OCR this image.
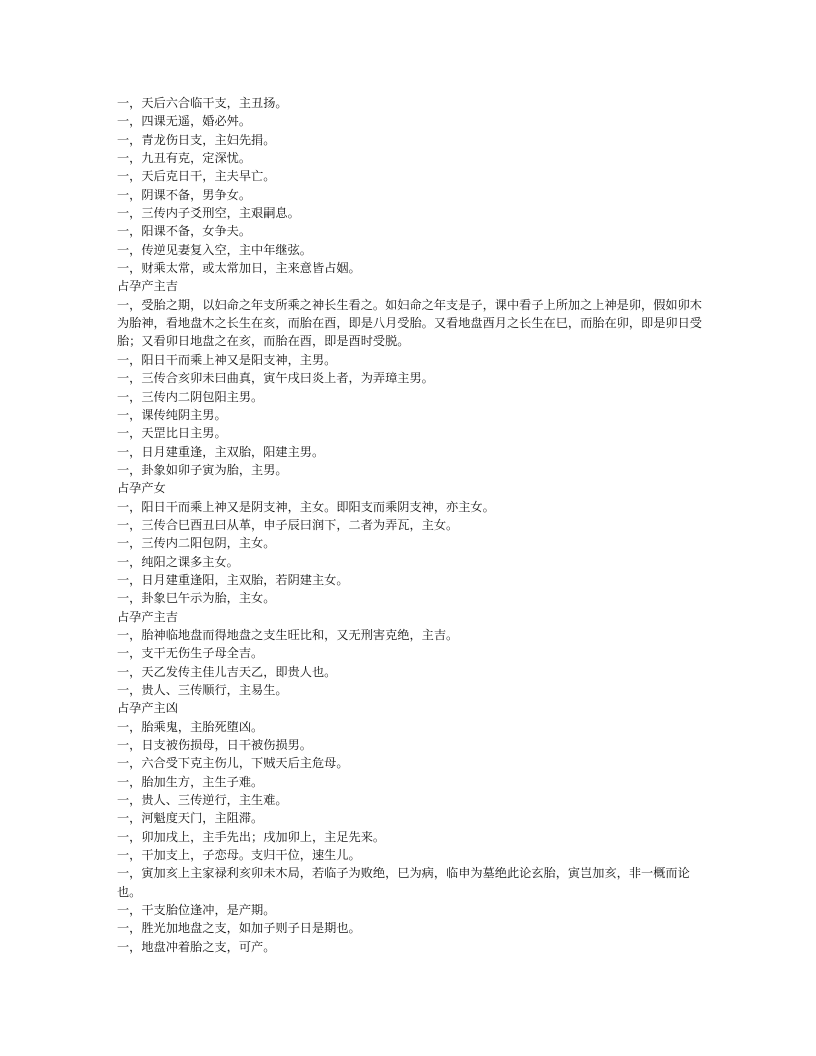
一，天后六合临干支，主丑扬。

一，四课无遥，婚必舛。

一，青龙伤日支，主妇先捐。

一，九丑有克，定深忧。

一，天后克日干，主夫早亡。

一，阴课不备，男争女。

一，三传内子爻刑空，主艰嗣息。

一，阳课不备，女争夫。

一，传逆见妻复入空，主中年继弦。

一，财乘太常，或太常加日，主来意皆占姻。

占孕产主吉

一，受胎之期，以妇命之年支所乘之神长生看之。如妇命之年支是子，课中看子上所加之上神是卯，假如卯木为胎神，看地盘木之长生在亥，而胎在酉，即是八月受胎。又看地盘酉月之长生在巳，而胎在卯，即是卯日受胎；又看卯日地盘之在亥，而胎在酉，即是酉时受脱。

一，阳日干而乘上神又是阳支神，主男。

一，三传合亥卯未曰曲真，寅午戌曰炎上者，为弄璋主男。

一，三传内二阴包阳主男。

一，课传纯阴主男。

一，天罡比日主男。

一，日月建重逢，主双胎，阳建主男。

一，卦象如卯子寅为胎，主男。

占孕产女

一，阳日干而乘上神又是阴支神，主女。即阳支而乘阴支神，亦主女。

一，三传合巳酉丑曰从革，申子辰曰润下，二者为弄瓦，主女。

一，三传内二阳包阴，主女。

一，纯阳之课多主女。

一，日月建重逢阳，主双胎，若阴建主女。

一，卦象巳午示为胎，主女。

占孕产主吉

一，胎神临地盘而得地盘之支生旺比和，又无刑害克绝，主吉。

一，支干无伤生子母全吉。

一，天乙发传主佳儿吉天乙，即贵人也。

一，贵人、三传顺行，主易生。

占孕产主凶

一，胎乘鬼，主胎死堕凶。

一，日支被伤损母，日干被伤损男。

一，六合受下克主伤儿，下贼天后主危母。

一，胎加生方，主生子难。

一，贵人、三传逆行，主生难。

一，河魁度天门，主阻滞。

一，卯加戌上，主手先出；戌加卯上，主足先来。

一，干加支上，子恋母。支归干位，速生儿。

一，寅加亥上主家禄利亥卯未木局，若临子为败绝，巳为病，临申为墓绝此论玄胎，寅岂加亥，非一概而论也。

一，干支胎位逢冲，是产期。

一，胜光加地盘之支，如加子则子日是期也。

一，地盘冲着胎之支，可产。
